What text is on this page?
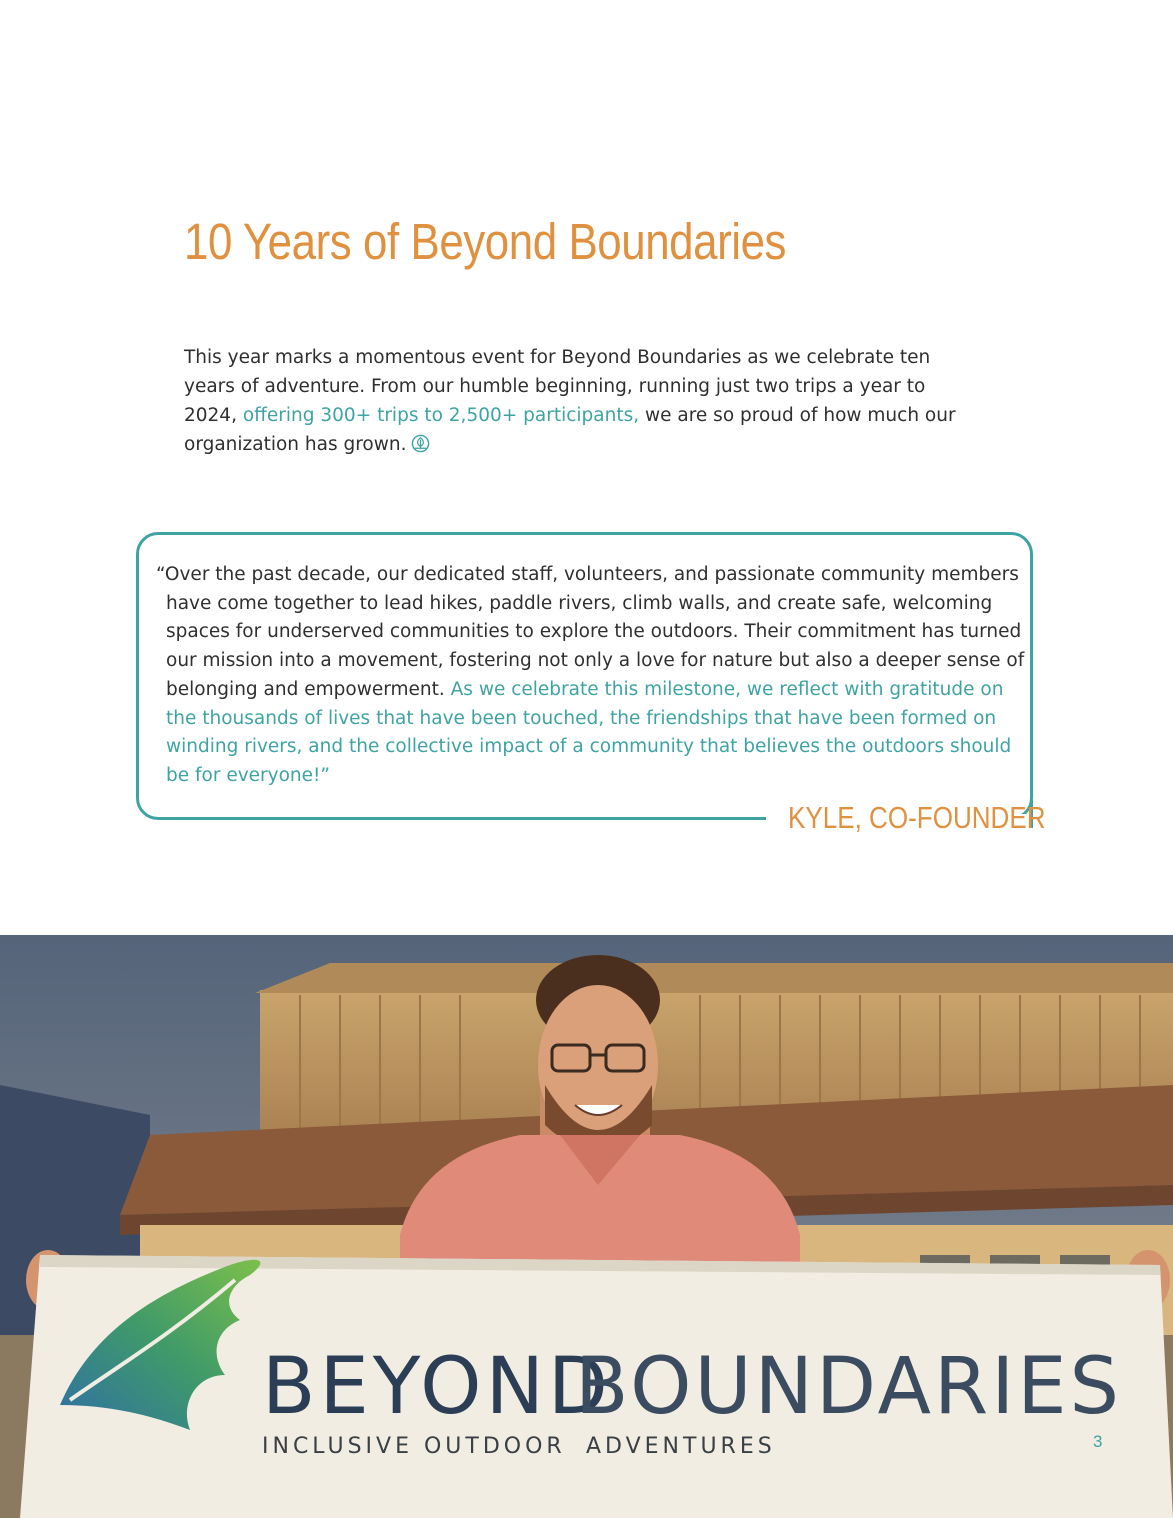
10 Years of Beyond Boundaries

This year marks a momentous event for Beyond Boundaries as we celebrate ten years of adventure. From our humble beginning, running just two trips a year to 2024, offering 300+ trips to 2,500+ participants, we are so proud of how much our organization has grown.

“Over the past decade, our dedicated staff, volunteers, and passionate community members have come together to lead hikes, paddle rivers, climb walls, and create safe, welcoming spaces for underserved communities to explore the outdoors. Their commitment has turned our mission into a movement, fostering not only a love for nature but also a deeper sense of belonging and empowerment. As we celebrate this milestone, we reflect with gratitude on the thousands of lives that have been touched, the friendships that have been formed on winding rivers, and the collective impact of a community that believes the outdoors should be for everyone!”

KYLE, CO-FOUNDER
BEYOND
BOUNDARIES
INCLUSIVE OUTDOOR ADVENTURES	3
